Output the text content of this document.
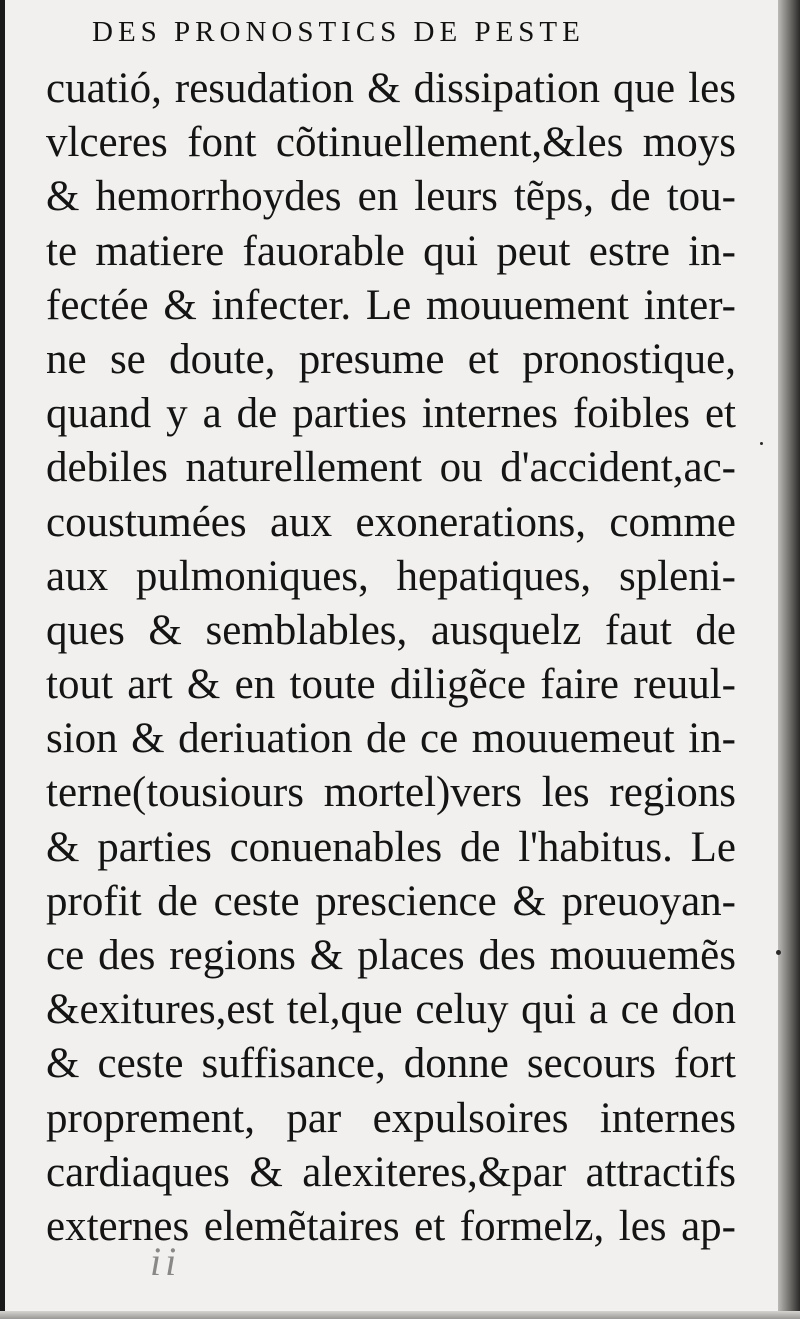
DES PRONOSTICS DE PESTE
cuatió, resudation & dissipation que les
vlceres font cõtinuellement,&les moys
& hemorrhoydes en leurs tẽps, de tou-
te matiere fauorable qui peut estre in-
fectée & infecter. Le mouuement inter-
ne se doute, presume et pronostique,
quand y a de parties internes foibles et
debiles naturellement ou d'accident,ac-
coustumées aux exonerations, comme
aux pulmoniques, hepatiques, spleni-
ques & semblables, ausquelz faut de
tout art & en toute diligẽce faire reuul-
sion & deriuation de ce mouuemeut in-
terne(tousiours mortel)vers les regions
& parties conuenables de l'habitus. Le
profit de ceste prescience & preuoyan-
ce des regions & places des mouuemẽs
&exitures,est tel,que celuy qui a ce don
& ceste suffisance, donne secours fort
proprement, par expulsoires internes
cardiaques & alexiteres,&par attractifs
externes elemẽtaires et formelz, les ap-
ii
